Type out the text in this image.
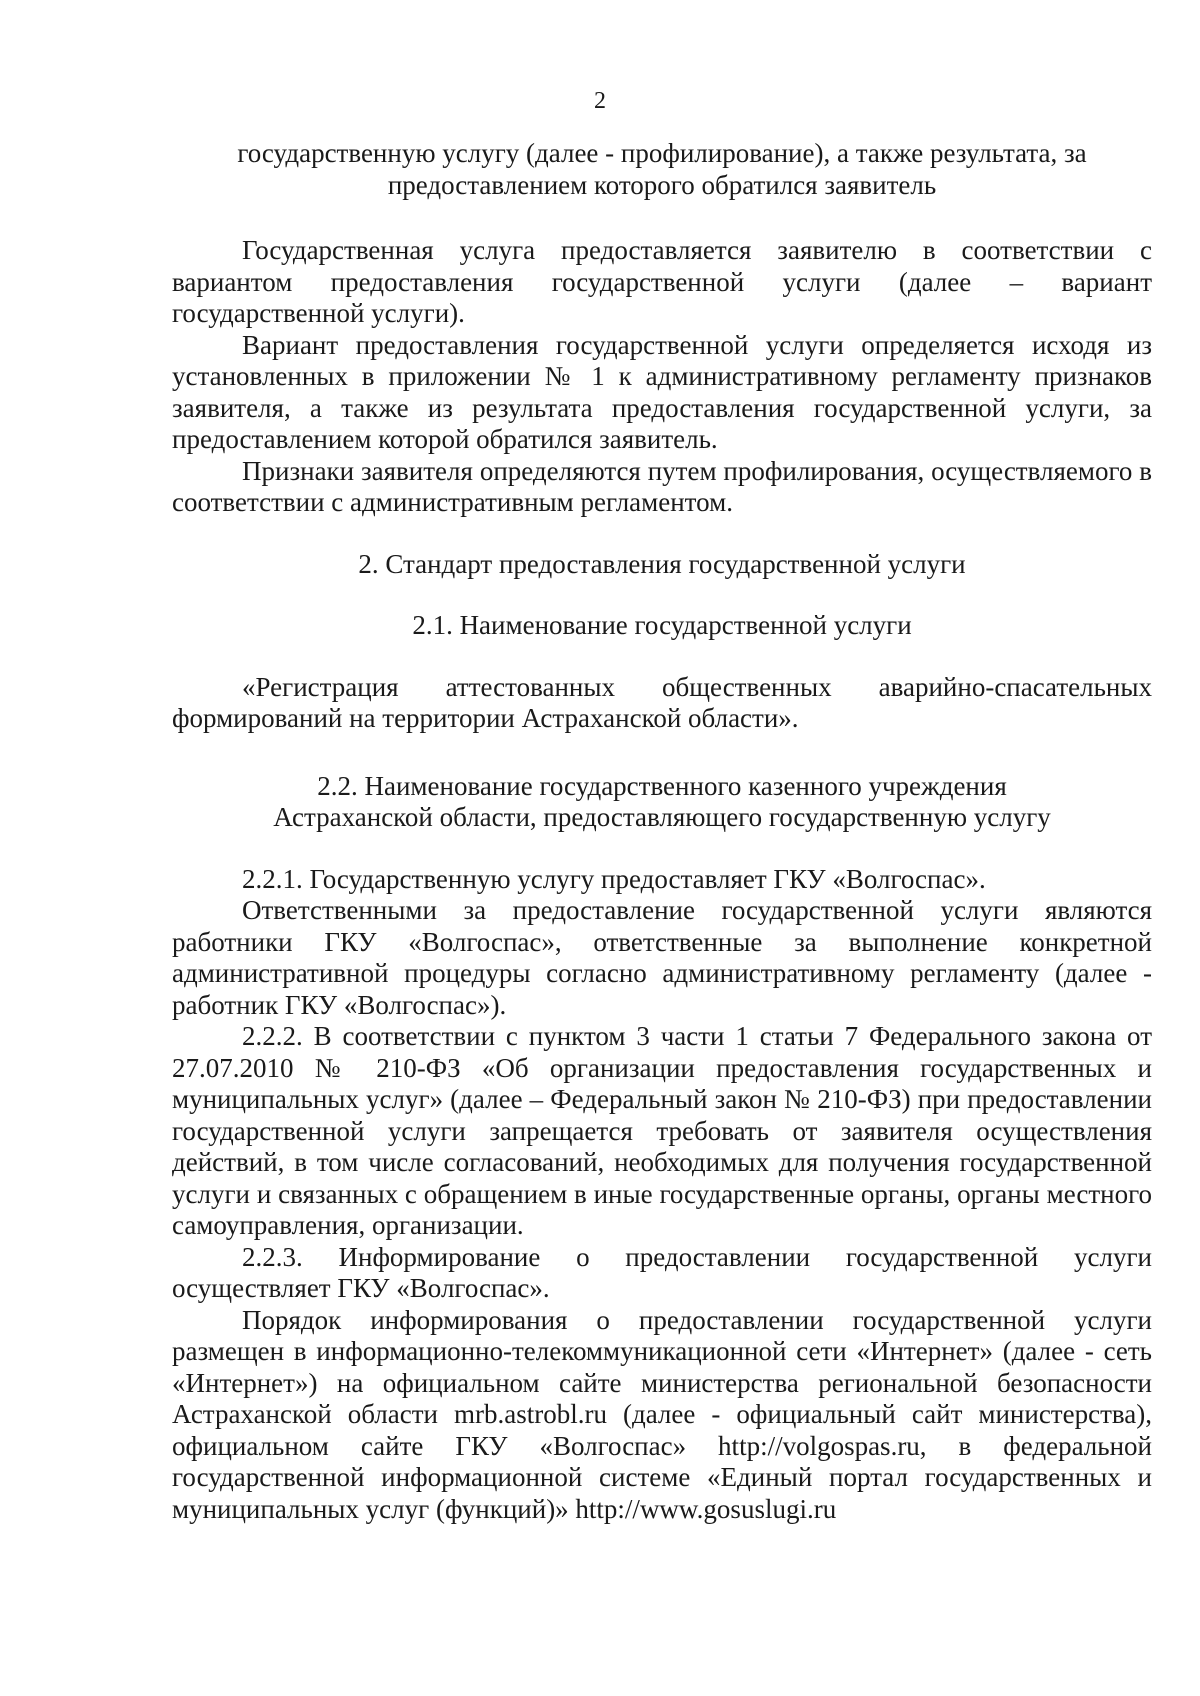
2

государственную услугу (далее - профилирование), а также результата, за

предоставлением которого обратился заявитель

Государственная услуга предоставляется заявителю в соответствии с вариантом предоставления государственной услуги (далее – вариант государственной услуги).

Вариант предоставления государственной услуги определяется исходя из установленных в приложении № 1 к административному регламенту признаков заявителя, а также из результата предоставления государственной услуги, за предоставлением которой обратился заявитель.

Признаки заявителя определяются путем профилирования, осуществляемого в соответствии с административным регламентом.

2. Стандарт предоставления государственной услуги

2.1. Наименование государственной услуги

«Регистрация аттестованных общественных аварийно-спасательных формирований на территории Астраханской области».

2.2. Наименование государственного казенного учреждения

Астраханской области, предоставляющего государственную услугу

2.2.1. Государственную услугу предоставляет ГКУ «Волгоспас».

Ответственными за предоставление государственной услуги являются работники ГКУ «Волгоспас», ответственные за выполнение конкретной административной процедуры согласно административному регламенту (далее - работник ГКУ «Волгоспас»).

2.2.2. В соответствии с пунктом 3 части 1 статьи 7 Федерального закона от 27.07.2010 № 210-ФЗ «Об организации предоставления государственных и муниципальных услуг» (далее – Федеральный закон № 210-ФЗ) при предоставлении государственной услуги запрещается требовать от заявителя осуществления действий, в том числе согласований, необходимых для получения государственной услуги и связанных с обращением в иные государственные органы, органы местного самоуправления, организации.

2.2.3. Информирование о предоставлении государственной услуги осуществляет ГКУ «Волгоспас».

Порядок информирования о предоставлении государственной услуги размещен в информационно-телекоммуникационной сети «Интернет» (далее - сеть «Интернет») на официальном сайте министерства региональной безопасности Астраханской области mrb.astrobl.ru (далее - официальный сайт министерства), официальном сайте ГКУ «Волгоспас» http://volgospas.ru, в федеральной государственной информационной системе «Единый портал государственных и муниципальных услуг (функций)» http://www.gosuslugi.ru
